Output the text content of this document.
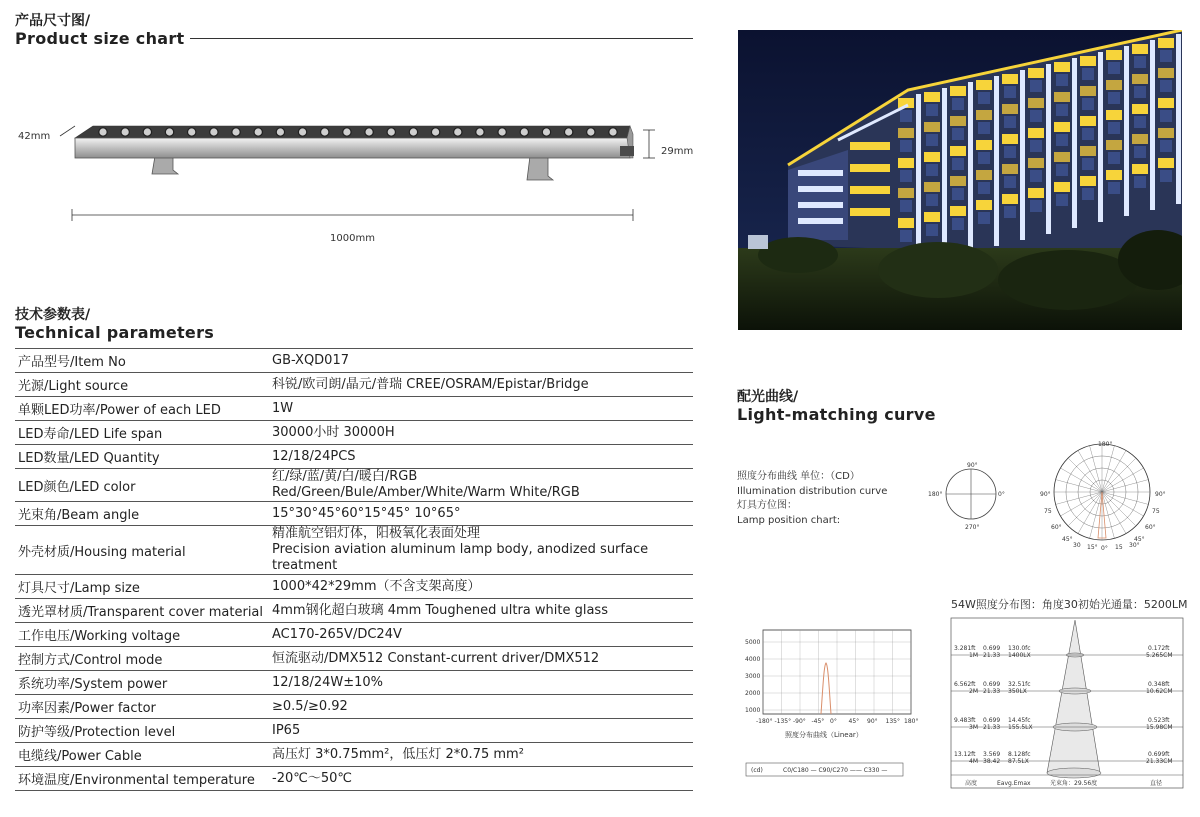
产品尺寸图/
Product size chart
42mm
29mm
1000mm
技术参数表/
Technical parameters
产品型号/Item No	GB-XQD017

光源/Light source	科锐/欧司朗/晶元/普瑞 CREE/OSRAM/Epistar/Bridge

单颗LED功率/Power of each LED	1W

LED寿命/LED Life span	30000小时 30000H

LED数量/LED Quantity	12/18/24PCS

LED颜色/LED color	红/绿/蓝/黄/白/暖白/RGB
Red/Green/Bule/Amber/White/Warm White/RGB

光束角/Beam angle	15°30°45°60°15°45° 10°65°

外壳材质/Housing material	精准航空铝灯体，阳极氧化表面处理
Precision aviation aluminum lamp body, anodized surface treatment

灯具尺寸/Lamp size	1000*42*29mm（不含支架高度）

透光罩材质/Transparent cover material	4mm钢化超白玻璃 4mm Toughened ultra white glass

工作电压/Working voltage	AC170-265V/DC24V

控制方式/Control mode	恒流驱动/DMX512 Constant-current driver/DMX512

系统功率/System power	12/18/24W±10%

功率因素/Power factor	≥0.5/≥0.92

防护等级/Protection level	IP65

电缆线/Power Cable	高压灯 3*0.75mm²，低压灯 2*0.75 mm²

环境温度/Environmental temperature	-20℃～50℃
配光曲线/
Light-matching curve
照度分布曲线 单位：（CD）
Illumination distribution curve
灯具方位图：
Lamp position chart:
90°
180°	0°
270°
180°
90°	90°
75	75
60°	60°
45°	45°
30 15° 0° 15 30°
5000
4000
3000
2000
1000
-180° -135° -90° -45° 0° 45° 90° 135° 180°
照度分布曲线（Linear）
(cd)	C0/C180 — C90/C270 —— C330 —
54W照度分布图：角度30初始光通量：5200LM
3.281ft
1M
0.699 130.0fc
21.33 1400LX
0.172ft
5.265CM
6.562ft
2M
0.699 32.51fc
21.33 350LX
0.348ft
10.62CM
9.483ft
3M
0.699 14.45fc
21.33 155.5LX
0.523ft
15.98CM
13.12ft
4M
3.569 8.128fc
38.42 87.5LX
0.699ft
21.33CM
高度	Eavg.Emax	光束角：29.56度	直径
